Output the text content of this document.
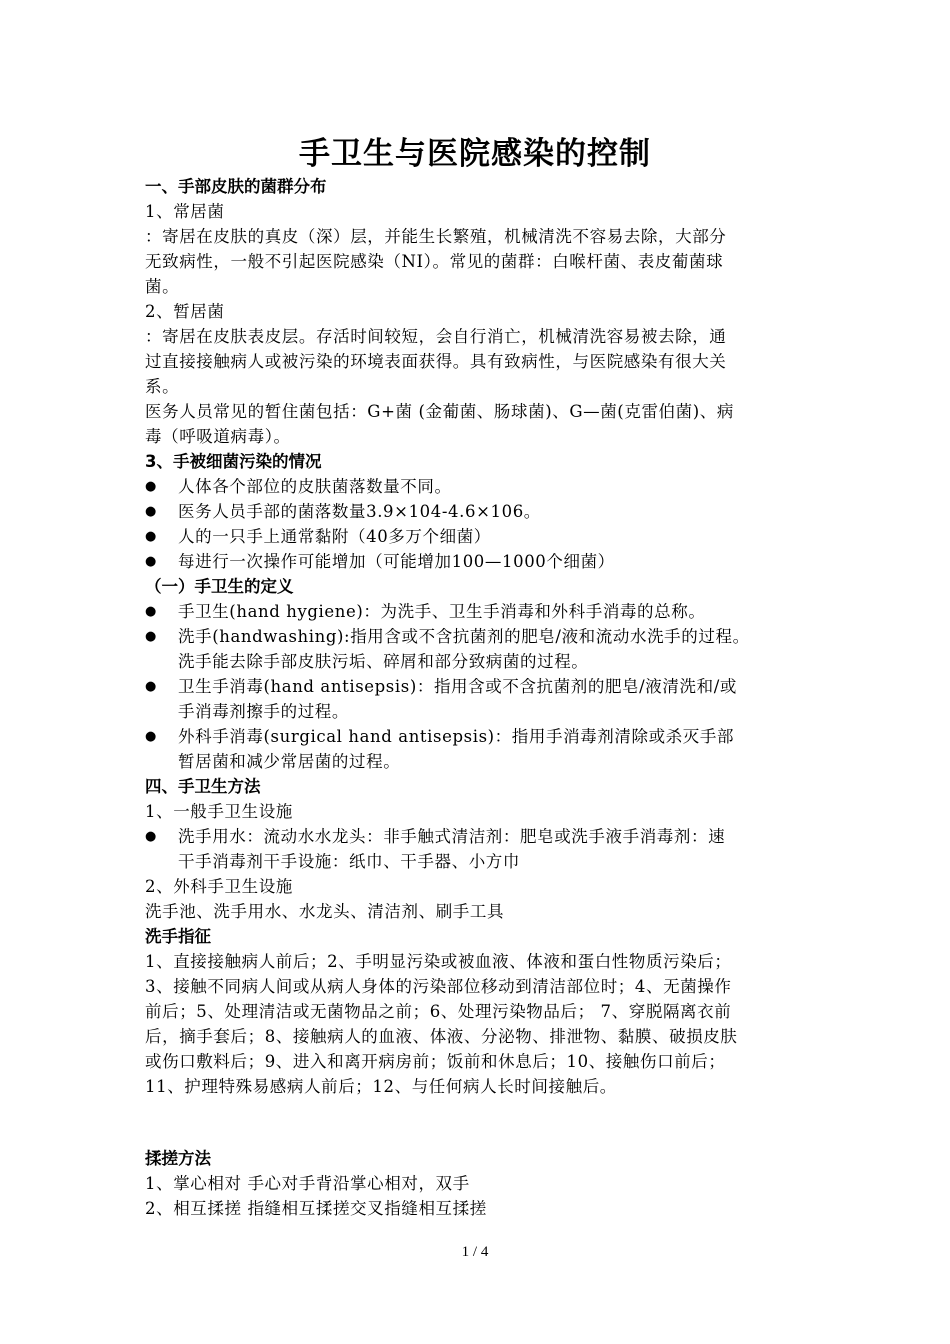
手卫生与医院感染的控制
一、手部皮肤的菌群分布
1、常居菌
：寄居在皮肤的真皮（深）层，并能生长繁殖，机械清洗不容易去除，大部分
无致病性，一般不引起医院感染（NI）。常见的菌群：白喉杆菌、表皮葡菌球
菌。
2、暂居菌
：寄居在皮肤表皮层。存活时间较短，会自行消亡，机械清洗容易被去除，通
过直接接触病人或被污染的环境表面获得。具有致病性，与医院感染有很大关
系。
医务人员常见的暂住菌包括：G+菌 (金葡菌、肠球菌)、G—菌(克雷伯菌)、病
毒（呼吸道病毒）。
3、手被细菌污染的情况
● 人体各个部位的皮肤菌落数量不同。
● 医务人员手部的菌落数量3.9×104-4.6×106。
● 人的一只手上通常黏附（40多万个细菌）
● 每进行一次操作可能增加（可能增加100—1000个细菌）
（一）手卫生的定义
● 手卫生(hand hygiene)：为洗手、卫生手消毒和外科手消毒的总称。
● 洗手(handwashing):指用含或不含抗菌剂的肥皂/液和流动水洗手的过程。
洗手能去除手部皮肤污垢、碎屑和部分致病菌的过程。
● 卫生手消毒(hand antisepsis)：指用含或不含抗菌剂的肥皂/液清洗和/或
手消毒剂擦手的过程。
● 外科手消毒(surgical hand antisepsis)：指用手消毒剂清除或杀灭手部
暂居菌和减少常居菌的过程。
四、手卫生方法
1、一般手卫生设施
● 洗手用水：流动水水龙头：非手触式清洁剂：肥皂或洗手液手消毒剂：速
干手消毒剂干手设施：纸巾、干手器、小方巾
2、外科手卫生设施
洗手池、洗手用水、水龙头、清洁剂、刷手工具
洗手指征
1、直接接触病人前后；2、手明显污染或被血液、体液和蛋白性物质污染后；
3、接触不同病人间或从病人身体的污染部位移动到清洁部位时；4、无菌操作
前后；5、处理清洁或无菌物品之前；6、处理污染物品后； 7、穿脱隔离衣前
后，摘手套后；8、接触病人的血液、体液、分泌物、排泄物、黏膜、破损皮肤
或伤口敷料后；9、进入和离开病房前；饭前和休息后；10、接触伤口前后；
11、护理特殊易感病人前后；12、与任何病人长时间接触后。
揉搓方法
1、掌心相对 手心对手背沿掌心相对，双手
2、相互揉搓 指缝相互揉搓交叉指缝相互揉搓
1 / 4
